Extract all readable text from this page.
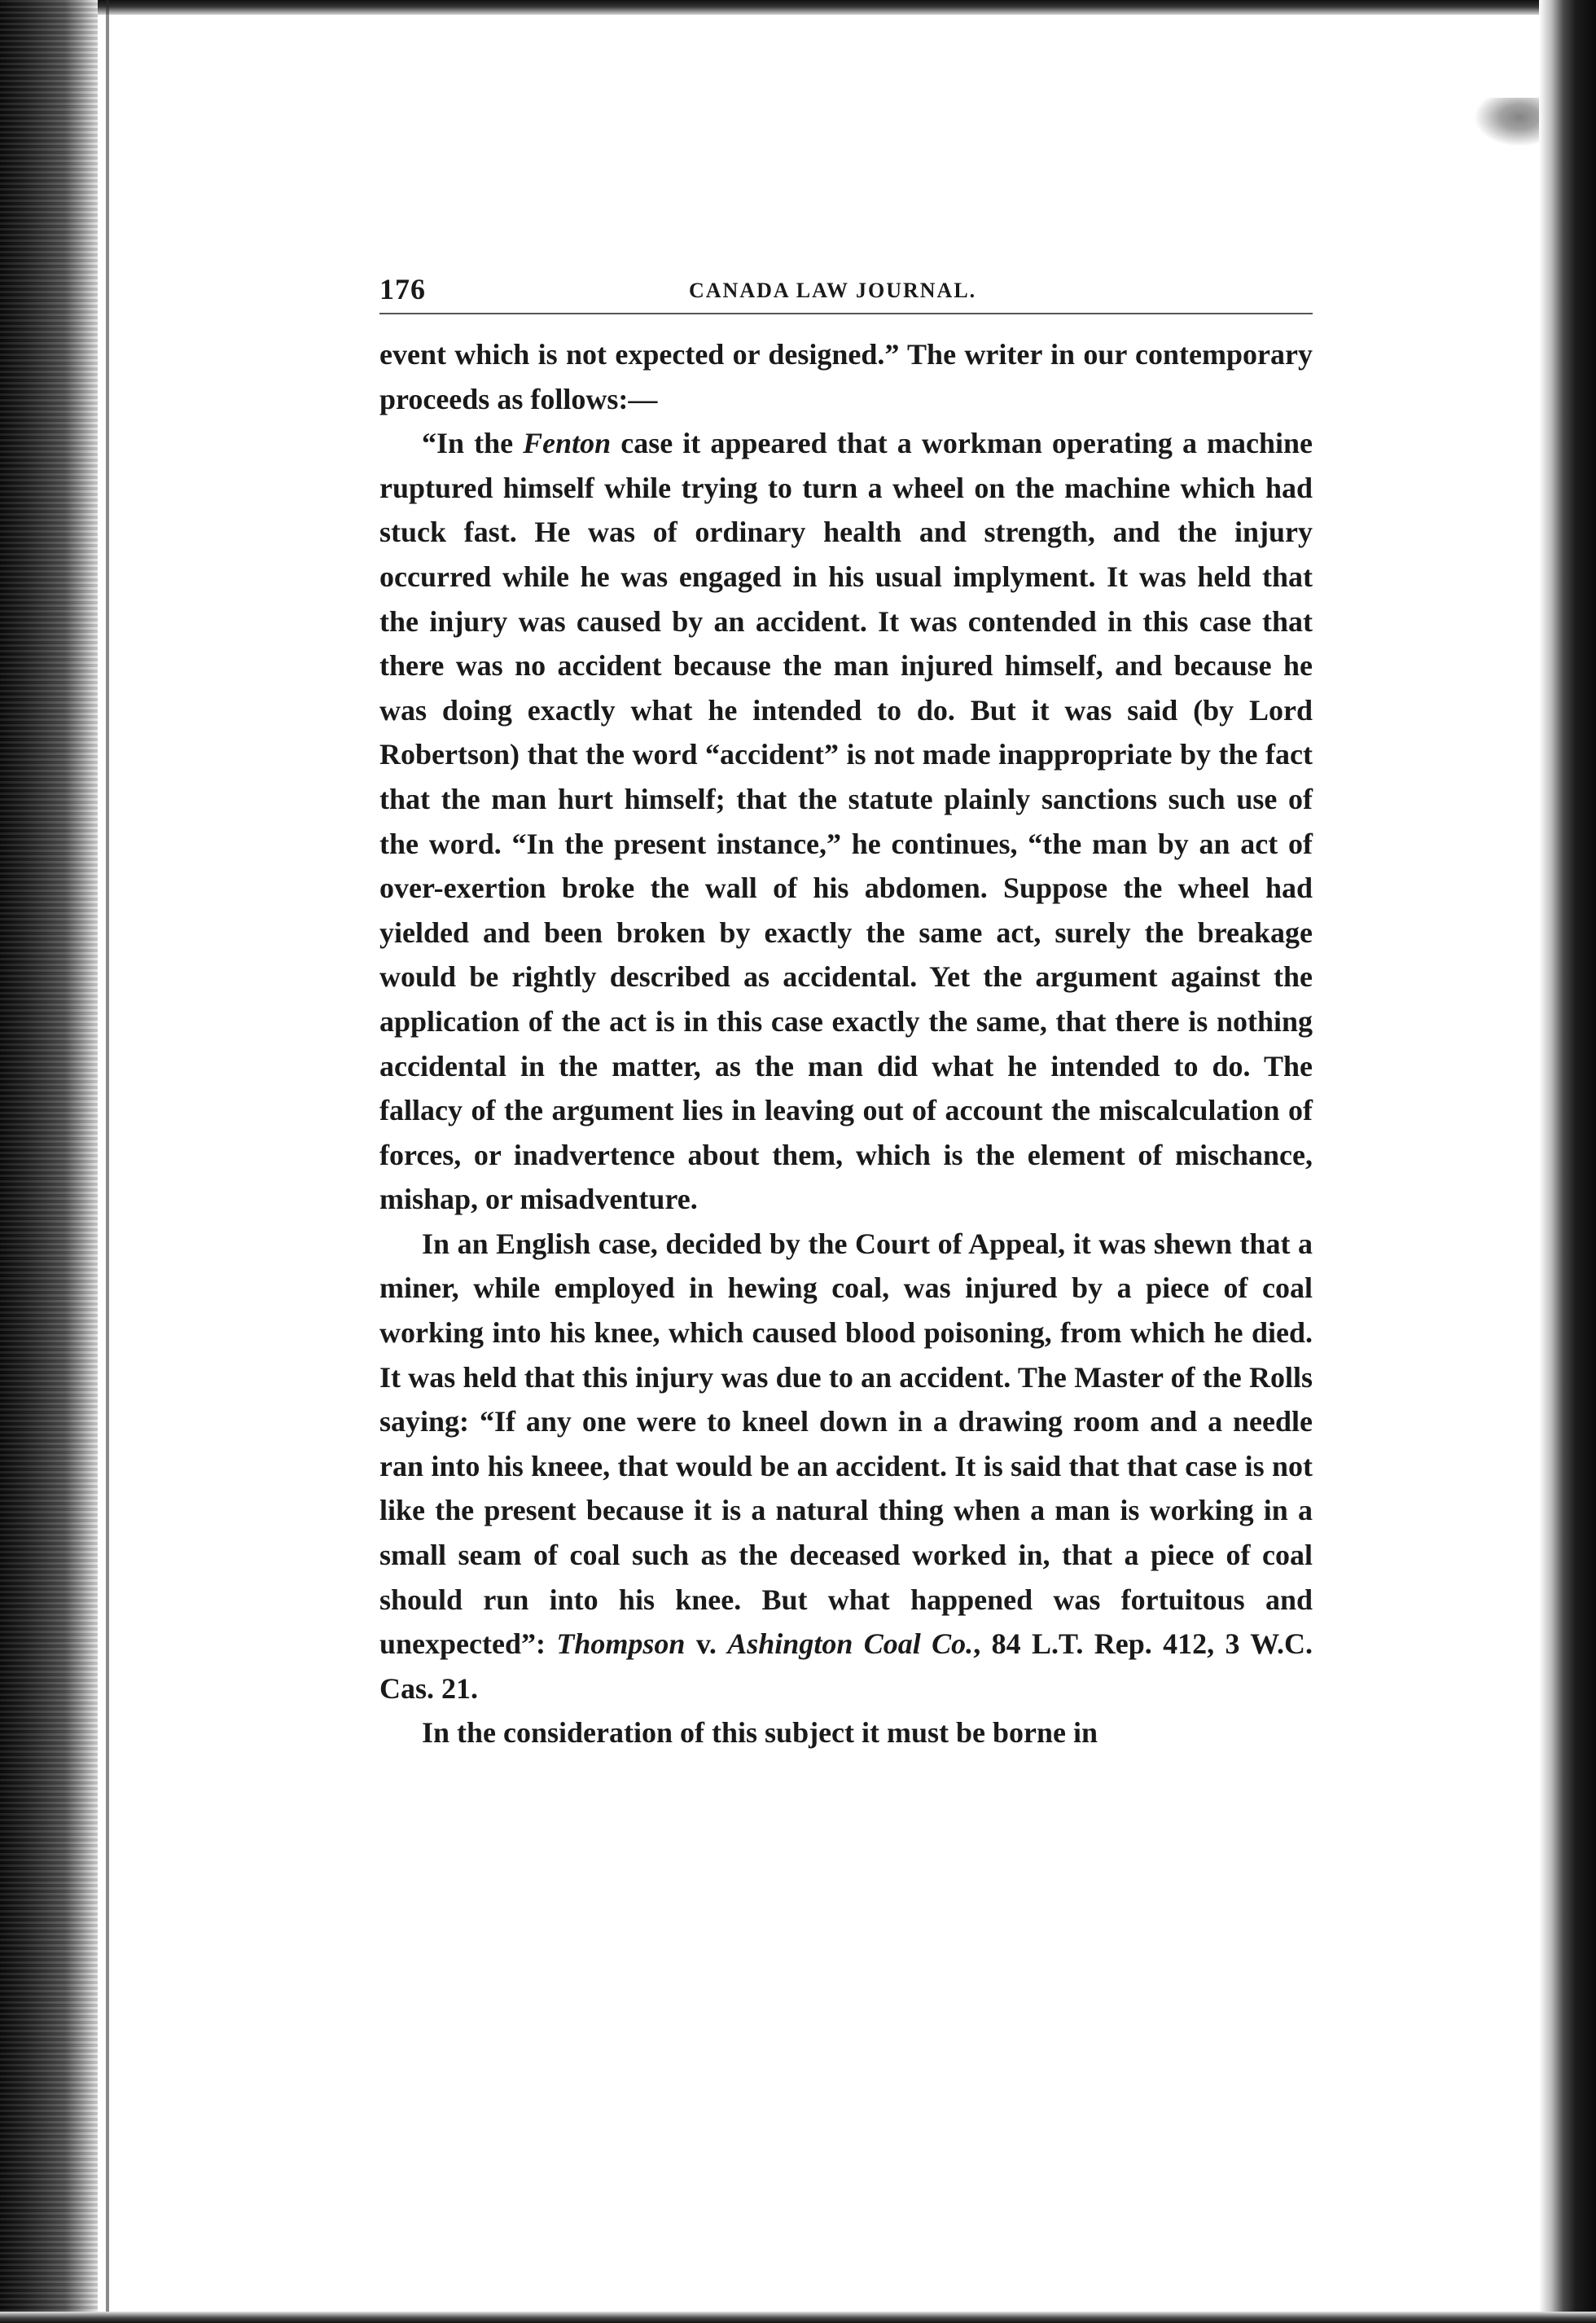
176	CANADA LAW JOURNAL.

event which is not expected or designed.” The writer in our contemporary proceeds as follows:—

“In the Fenton case it appeared that a workman operating a machine ruptured himself while trying to turn a wheel on the machine which had stuck fast. He was of ordinary health and strength, and the injury occurred while he was engaged in his usual implyment. It was held that the injury was caused by an accident. It was contended in this case that there was no accident because the man injured himself, and because he was doing exactly what he intended to do. But it was said (by Lord Robertson) that the word “accident” is not made inappropriate by the fact that the man hurt himself; that the statute plainly sanctions such use of the word. “In the present instance,” he continues, “the man by an act of over-exertion broke the wall of his abdomen. Suppose the wheel had yielded and been broken by exactly the same act, surely the breakage would be rightly described as accidental. Yet the argument against the application of the act is in this case exactly the same, that there is nothing accidental in the matter, as the man did what he intended to do. The fallacy of the argument lies in leaving out of account the miscalculation of forces, or inadvertence about them, which is the element of mischance, mishap, or misadventure.

In an English case, decided by the Court of Appeal, it was shewn that a miner, while employed in hewing coal, was injured by a piece of coal working into his knee, which caused blood poisoning, from which he died. It was held that this injury was due to an accident. The Master of the Rolls saying: “If any one were to kneel down in a drawing room and a needle ran into his kneee, that would be an accident. It is said that that case is not like the present because it is a natural thing when a man is working in a small seam of coal such as the deceased worked in, that a piece of coal should run into his knee. But what happened was fortuitous and unexpected”: Thompson v. Ashington Coal Co., 84 L.T. Rep. 412, 3 W.C. Cas. 21.

In the consideration of this subject it must be borne in
